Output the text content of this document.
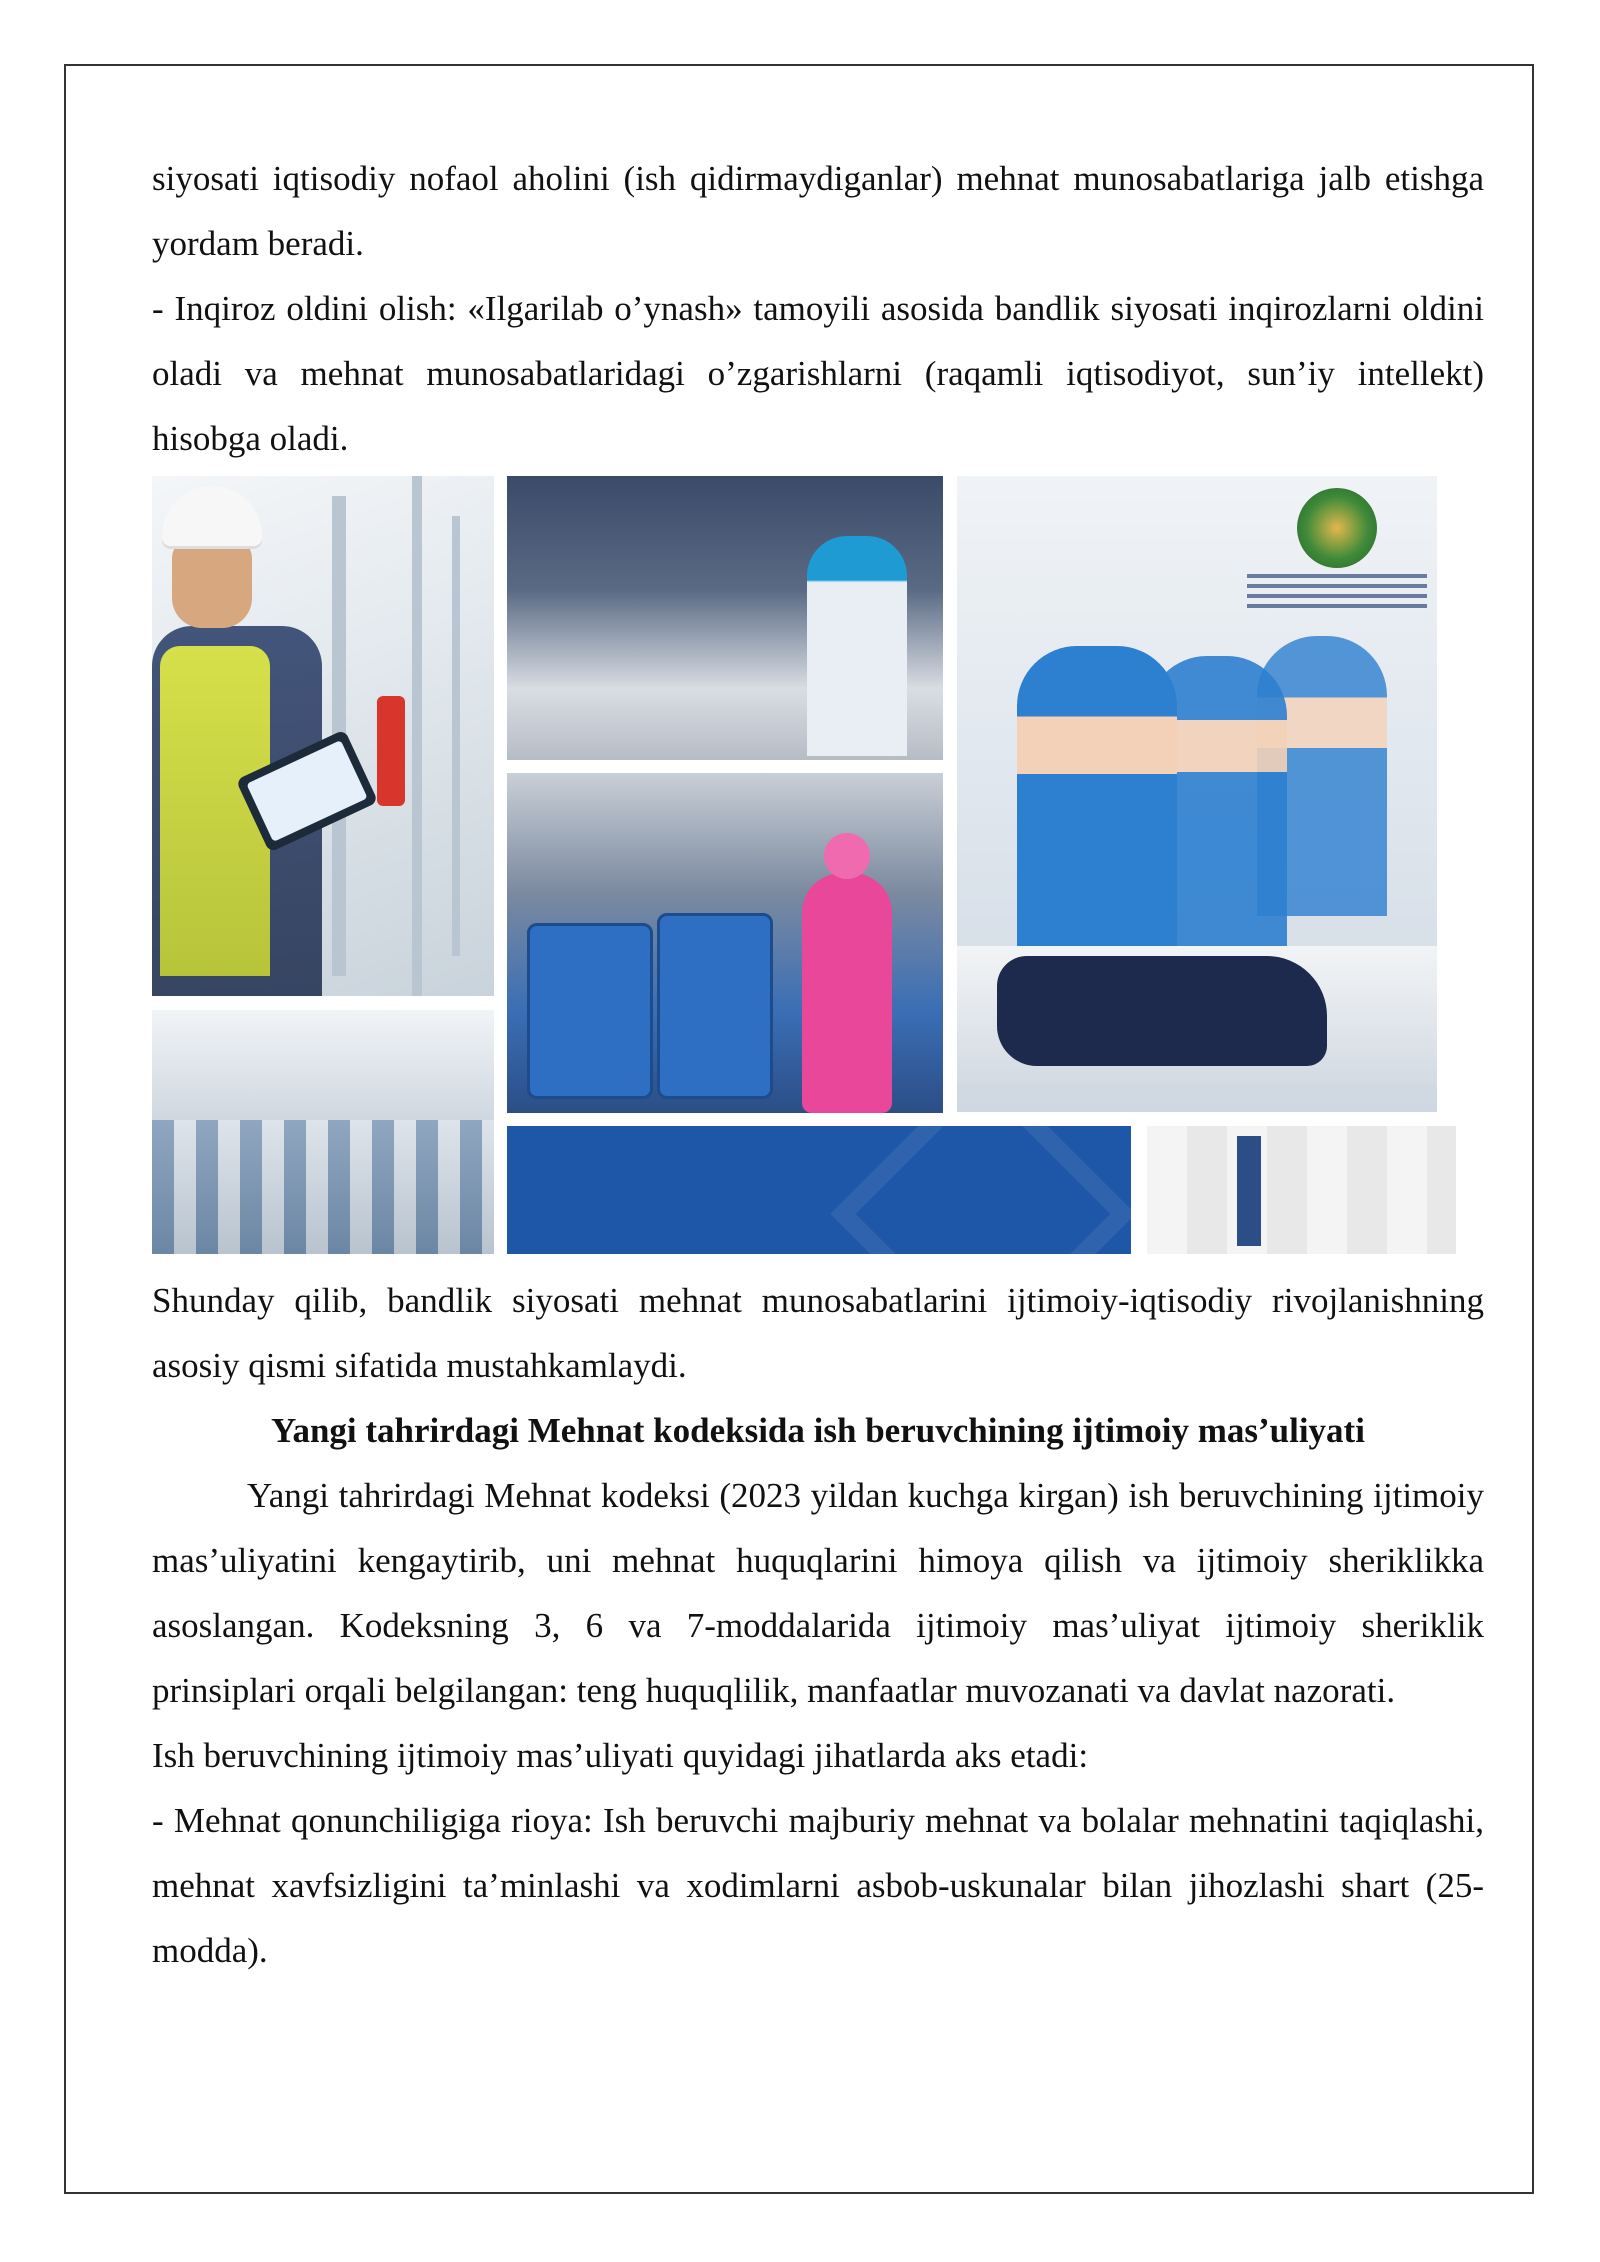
siyosati iqtisodiy nofaol aholini (ish qidirmaydiganlar) mehnat munosabatlariga jalb etishga yordam beradi.

- Inqiroz oldini olish: «Ilgarilab o’ynash» tamoyili asosida bandlik siyosati inqirozlarni oldini oladi va mehnat munosabatlaridagi o’zgarishlarni (raqamli iqtisodiyot, sun’iy intellekt) hisobga oladi.

Shunday qilib, bandlik siyosati mehnat munosabatlarini ijtimoiy-iqtisodiy rivojlanishning asosiy qismi sifatida mustahkamlaydi.

Yangi tahrirdagi Mehnat kodeksida ish beruvchining ijtimoiy mas’uliyati

Yangi tahrirdagi Mehnat kodeksi (2023 yildan kuchga kirgan) ish beruvchining ijtimoiy mas’uliyatini kengaytirib, uni mehnat huquqlarini himoya qilish va ijtimoiy sheriklikka asoslangan. Kodeksning 3, 6 va 7-moddalarida ijtimoiy mas’uliyat ijtimoiy sheriklik prinsiplari orqali belgilangan: teng huquqlilik, manfaatlar muvozanati va davlat nazorati.

Ish beruvchining ijtimoiy mas’uliyati quyidagi jihatlarda aks etadi:

- Mehnat qonunchiligiga rioya: Ish beruvchi majburiy mehnat va bolalar mehnatini taqiqlashi, mehnat xavfsizligini ta’minlashi va xodimlarni asbob-uskunalar bilan jihozlashi shart (25-modda).
